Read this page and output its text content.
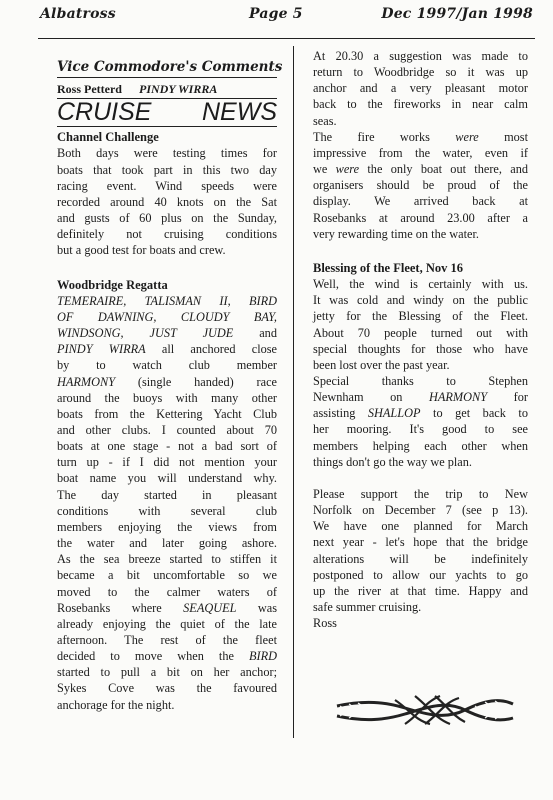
Albatross	Page 5	Dec 1997/Jan 1998
Vice Commodore's Comments
Ross Petterd PINDY WIRRA
CRUISE NEWS
Channel Challenge
Both days were testing times for
boats that took part in this two day
racing event. Wind speeds were
recorded around 40 knots on the Sat
and gusts of 60 plus on the Sunday,
definitely not cruising conditions
but a good test for boats and crew.
Woodbridge Regatta
TEMERAIRE, TALISMAN II, BIRD
OF DAWNING, CLOUDY BAY,
WINDSONG, JUST JUDE and
PINDY WIRRA all anchored close
by to watch club member
HARMONY (single handed) race
around the buoys with many other
boats from the Kettering Yacht Club
and other clubs. I counted about 70
boats at one stage - not a bad sort of
turn up - if I did not mention your
boat name you will understand why.
The day started in pleasant
conditions with several club
members enjoying the views from
the water and later going ashore.
As the sea breeze started to stiffen it
became a bit uncomfortable so we
moved to the calmer waters of
Rosebanks where SEAQUEL was
already enjoying the quiet of the late
afternoon. The rest of the fleet
decided to move when the BIRD
started to pull a bit on her anchor;
Sykes Cove was the favoured
anchorage for the night.
At 20.30 a suggestion was made to
return to Woodbridge so it was up
anchor and a very pleasant motor
back to the fireworks in near calm
seas.
The fire works were most
impressive from the water, even if
we were the only boat out there, and
organisers should be proud of the
display. We arrived back at
Rosebanks at around 23.00 after a
very rewarding time on the water.
Blessing of the Fleet, Nov 16
Well, the wind is certainly with us.
It was cold and windy on the public
jetty for the Blessing of the Fleet.
About 70 people turned out with
special thoughts for those who have
been lost over the past year.
Special thanks to Stephen
Newnham on HARMONY for
assisting SHALLOP to get back to
her mooring. It's good to see
members helping each other when
things don't go the way we plan.
Please support the trip to New
Norfolk on December 7 (see p 13).
We have one planned for March
next year - let's hope that the bridge
alterations will be indefinitely
postponed to allow our yachts to go
up the river at that time. Happy and
safe summer cruising.
Ross
